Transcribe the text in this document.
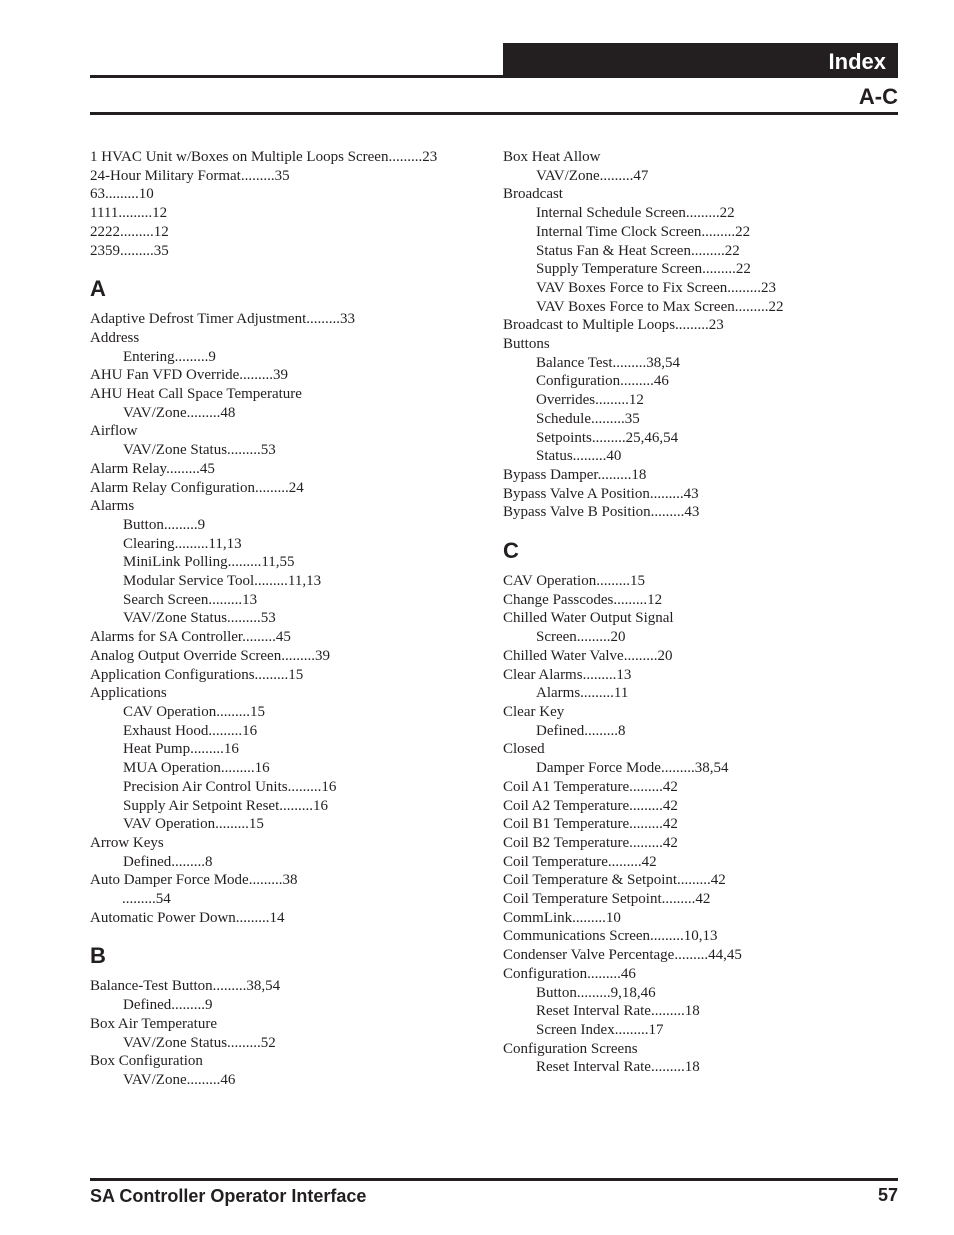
Index
A-C
1 HVAC Unit w/Boxes on Multiple Loops Screen.........23
24-Hour Military Format.........35
63.........10
1111.........12
2222.........12
2359.........35
A
Adaptive Defrost Timer Adjustment.........33
Address
Entering.........9
AHU Fan VFD Override.........39
AHU Heat Call Space Temperature
VAV/Zone.........48
Airflow
VAV/Zone Status.........53
Alarm Relay.........45
Alarm Relay Configuration.........24
Alarms
Button.........9
Clearing.........11,13
MiniLink Polling.........11,55
Modular Service Tool.........11,13
Search Screen.........13
VAV/Zone Status.........53
Alarms for SA Controller.........45
Analog Output Override Screen.........39
Application Configurations.........15
Applications
CAV Operation.........15
Exhaust Hood.........16
Heat Pump.........16
MUA Operation.........16
Precision Air Control Units.........16
Supply Air Setpoint Reset.........16
VAV Operation.........15
Arrow Keys
Defined.........8
Auto Damper Force Mode.........38
.........54
Automatic Power Down.........14
B
Balance-Test Button.........38,54
Defined.........9
Box Air Temperature
VAV/Zone Status.........52
Box Configuration
VAV/Zone.........46
Box Heat Allow
VAV/Zone.........47
Broadcast
Internal Schedule Screen.........22
Internal Time Clock Screen.........22
Status Fan & Heat Screen.........22
Supply Temperature Screen.........22
VAV Boxes Force to Fix Screen.........23
VAV Boxes Force to Max Screen.........22
Broadcast to Multiple Loops.........23
Buttons
Balance Test.........38,54
Configuration.........46
Overrides.........12
Schedule.........35
Setpoints.........25,46,54
Status.........40
Bypass Damper.........18
Bypass Valve A Position.........43
Bypass Valve B Position.........43
C
CAV Operation.........15
Change Passcodes.........12
Chilled Water Output Signal
Screen.........20
Chilled Water Valve.........20
Clear Alarms.........13
Alarms.........11
Clear Key
Defined.........8
Closed
Damper Force Mode.........38,54
Coil A1 Temperature.........42
Coil A2 Temperature.........42
Coil B1 Temperature.........42
Coil B2 Temperature.........42
Coil Temperature.........42
Coil Temperature & Setpoint.........42
Coil Temperature Setpoint.........42
CommLink.........10
Communications Screen.........10,13
Condenser Valve Percentage.........44,45
Configuration.........46
Button.........9,18,46
Reset Interval Rate.........18
Screen Index.........17
Configuration Screens
Reset Interval Rate.........18
SA Controller Operator Interface	57
